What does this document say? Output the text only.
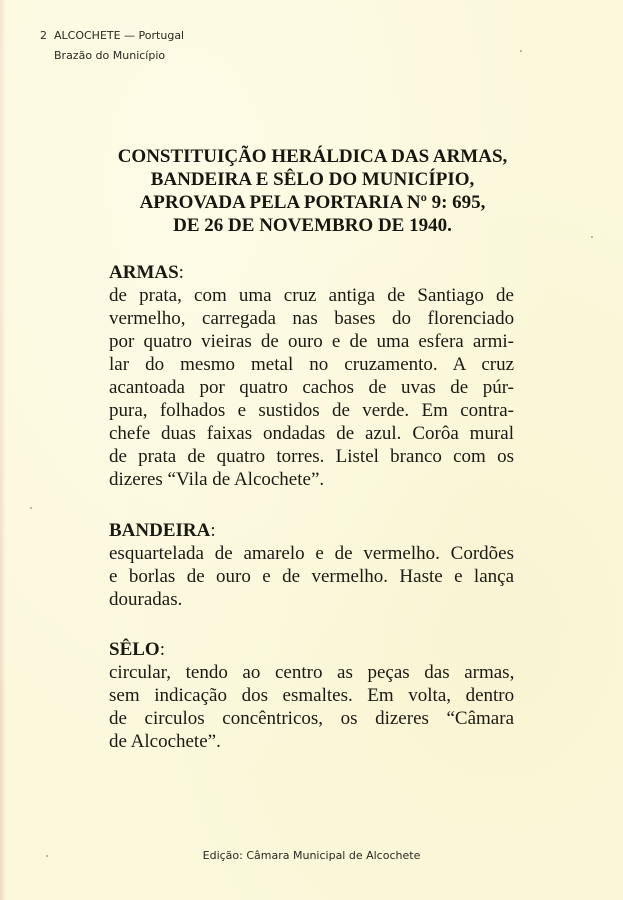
2 ALCOCHETE — Portugal
Brazão do Município
CONSTITUIÇÃO HERÁLDICA DAS ARMAS,
BANDEIRA E SÊLO DO MUNICÍPIO,
APROVADA PELA PORTARIA Nº 9: 695,
DE 26 DE NOVEMBRO DE 1940.
ARMAS:
de prata, com uma cruz antiga de Santiago de
vermelho, carregada nas bases do florenciado
por quatro vieiras de ouro e de uma esfera armi-
lar do mesmo metal no cruzamento. A cruz
acantoada por quatro cachos de uvas de púr-
pura, folhados e sustidos de verde. Em contra-
chefe duas faixas ondadas de azul. Corôa mural
de prata de quatro torres. Listel branco com os
dizeres “Vila de Alcochete”.
BANDEIRA:
esquartelada de amarelo e de vermelho. Cordões
e borlas de ouro e de vermelho. Haste e lança
douradas.
SÊLO:
circular, tendo ao centro as peças das armas,
sem indicação dos esmaltes. Em volta, dentro
de circulos concêntricos, os dizeres “Câmara
de Alcochete”.
Edição: Câmara Municipal de Alcochete
